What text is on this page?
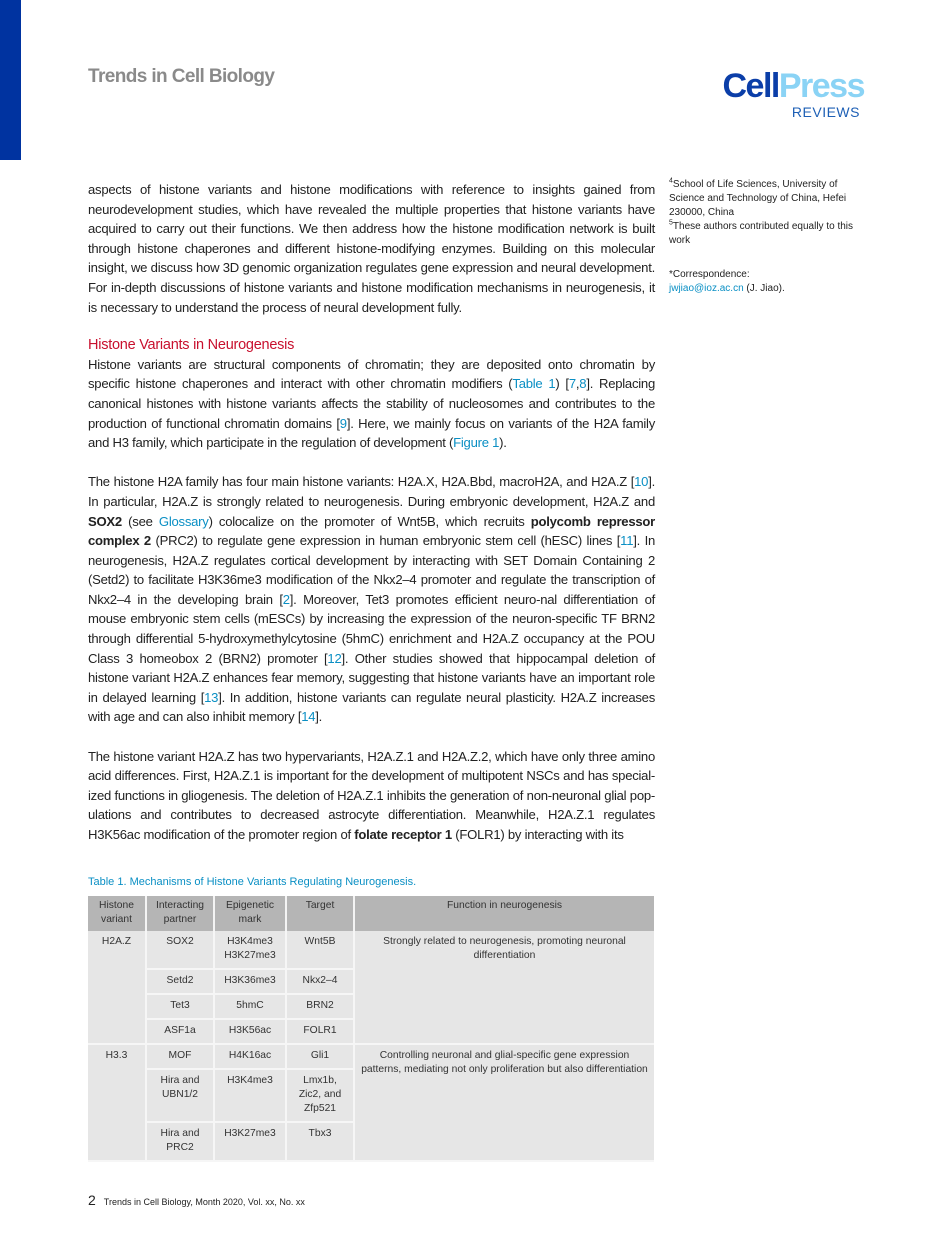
Trends in Cell Biology	CellPress
REVIEWS

aspects of histone variants and histone modifications with reference to insights gained from neurodevelopment studies, which have revealed the multiple properties that histone variants have acquired to carry out their functions. We then address how the histone modification network is built through histone chaperones and different histone-modifying enzymes. Building on this molecular insight, we discuss how 3D genomic organization regulates gene expression and neural development. For in-depth discussions of histone variants and histone modification mechanisms in neurogenesis, it is necessary to understand the process of neural development fully.

Histone Variants in Neurogenesis

Histone variants are structural components of chromatin; they are deposited onto chromatin by specific histone chaperones and interact with other chromatin modifiers (Table 1) [7,8]. Replacing canonical histones with histone variants affects the stability of nucleosomes and contributes to the production of functional chromatin domains [9]. Here, we mainly focus on variants of the H2A family and H3 family, which participate in the regulation of development (Figure 1).

The histone H2A family has four main histone variants: H2A.X, H2A.Bbd, macroH2A, and H2A.Z [10]. In particular, H2A.Z is strongly related to neurogenesis. During embryonic development, H2A.Z and SOX2 (see Glossary) colocalize on the promoter of Wnt5B, which recruits polycomb repressor complex 2 (PRC2) to regulate gene expression in human embryonic stem cell (hESC) lines [11]. In neurogenesis, H2A.Z regulates cortical development by interacting with SET Domain Containing 2 (Setd2) to facilitate H3K36me3 modification of the Nkx2–4 promoter and regulate the transcription of Nkx2–4 in the developing brain [2]. Moreover, Tet3 promotes efficient neuro-nal differentiation of mouse embryonic stem cells (mESCs) by increasing the expression of the neuron-specific TF BRN2 through differential 5-hydroxymethylcytosine (5hmC) enrichment and H2A.Z occupancy at the POU Class 3 homeobox 2 (BRN2) promoter [12]. Other studies showed that hippocampal deletion of histone variant H2A.Z enhances fear memory, suggesting that histone variants have an important role in delayed learning [13]. In addition, histone variants can regulate neural plasticity. H2A.Z increases with age and can also inhibit memory [14].

The histone variant H2A.Z has two hypervariants, H2A.Z.1 and H2A.Z.2, which have only three amino acid differences. First, H2A.Z.1 is important for the development of multipotent NSCs and has special-ized functions in gliogenesis. The deletion of H2A.Z.1 inhibits the generation of non-neuronal glial pop-ulations and contributes to decreased astrocyte differentiation. Meanwhile, H2A.Z.1 regulates H3K56ac modification of the promoter region of folate receptor 1 (FOLR1) by interacting with its

Table 1. Mechanisms of Histone Variants Regulating Neurogenesis.
Histone variant	Interacting partner	Epigenetic mark	Target	Function in neurogenesis
H2A.Z	SOX2	H3K4me3 H3K27me3	Wnt5B	Strongly related to neurogenesis, promoting neuronal differentiation
	Setd2	H3K36me3	Nkx2–4	
	Tet3	5hmC	BRN2	
	ASF1a	H3K56ac	FOLR1	
H3.3	MOF	H4K16ac	Gli1	Controlling neuronal and glial-specific gene expression patterns, mediating not only proliferation but also differentiation
	Hira and UBN1/2	H3K4me3	Lmx1b, Zic2, and Zfp521	
	Hira and PRC2	H3K27me3	Tbx3	
2 Trends in Cell Biology, Month 2020, Vol. xx, No. xx
$^4$School of Life Sciences, University of Science and Technology of China, Hefei 230000, China
$^5$These authors contributed equally to this work
*Correspondence:
jwjiao@ioz.ac.cn (J. Jiao).
